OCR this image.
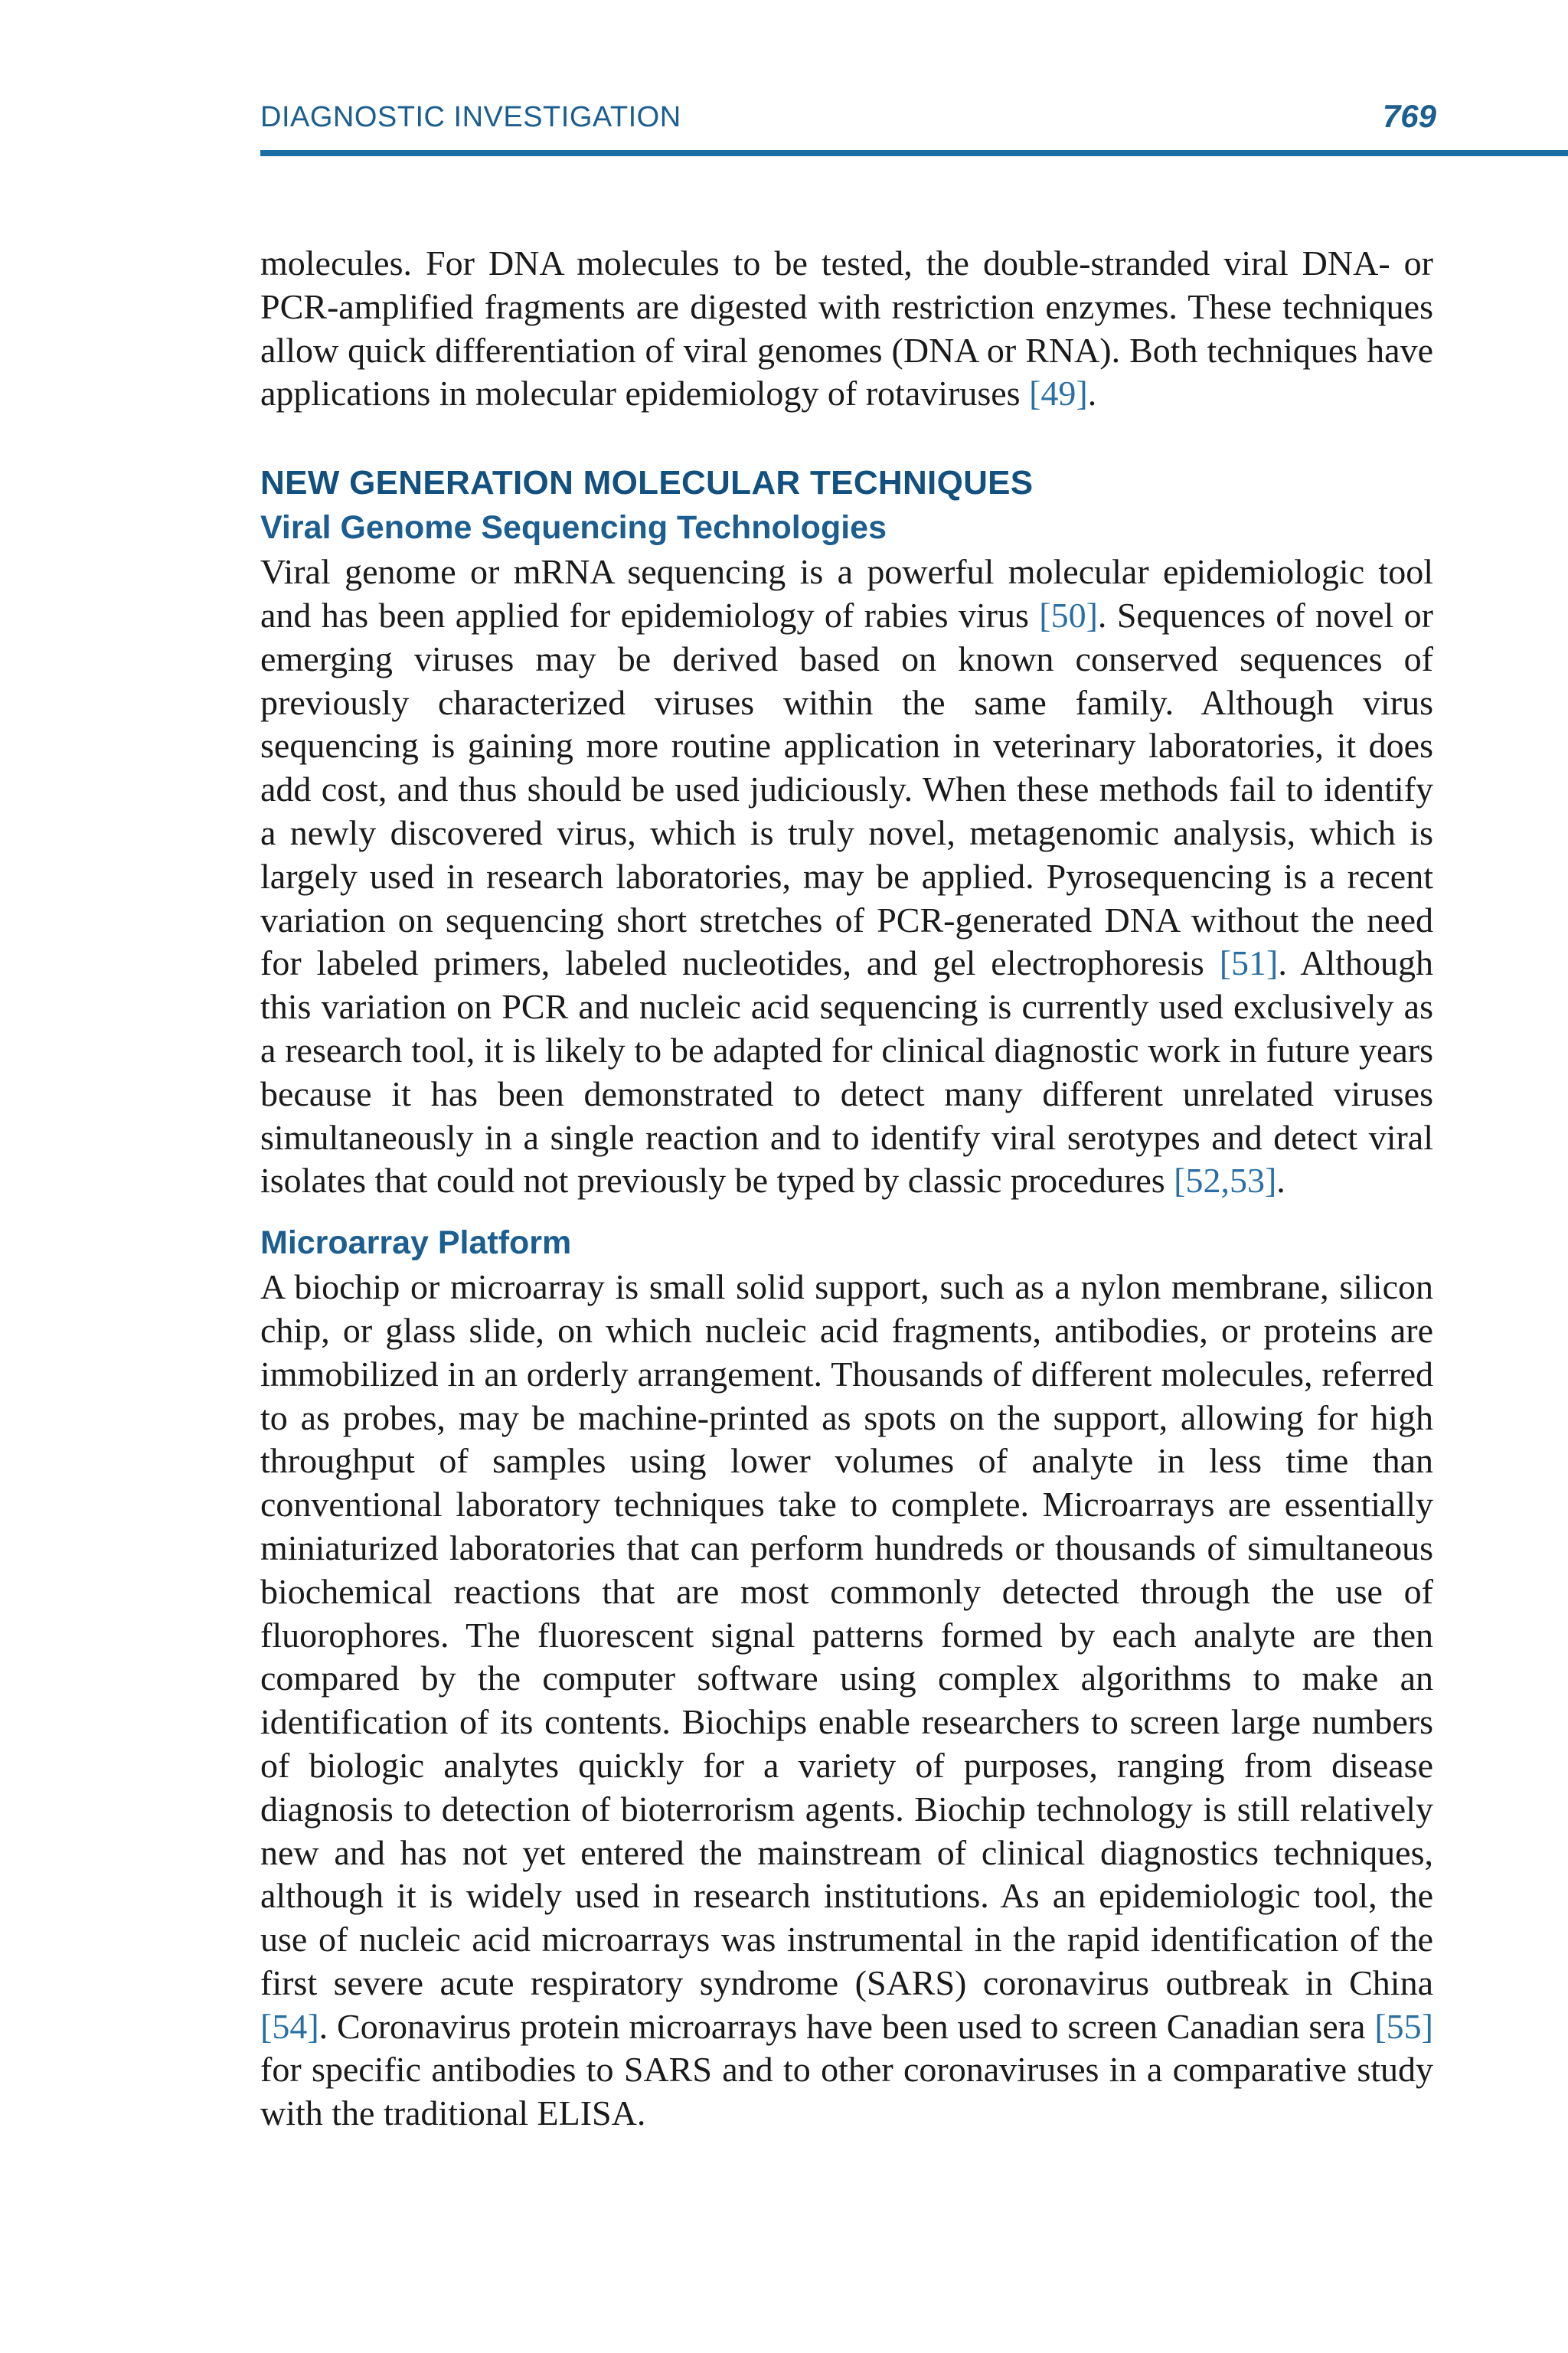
DIAGNOSTIC INVESTIGATION	769

molecules. For DNA molecules to be tested, the double-stranded viral DNA- or PCR-amplified fragments are digested with restriction enzymes. These techniques allow quick differentiation of viral genomes (DNA or RNA). Both techniques have applications in molecular epidemiology of rotaviruses [49].

NEW GENERATION MOLECULAR TECHNIQUES
Viral Genome Sequencing Technologies

Viral genome or mRNA sequencing is a powerful molecular epidemiologic tool and has been applied for epidemiology of rabies virus [50]. Sequences of novel or emerging viruses may be derived based on known conserved sequences of previously characterized viruses within the same family. Although virus sequencing is gaining more routine application in veterinary laboratories, it does add cost, and thus should be used judiciously. When these methods fail to identify a newly discovered virus, which is truly novel, metagenomic analysis, which is largely used in research laboratories, may be applied. Pyrosequencing is a recent variation on sequencing short stretches of PCR-generated DNA without the need for labeled primers, labeled nucleotides, and gel electrophoresis [51]. Although this variation on PCR and nucleic acid sequencing is currently used exclusively as a research tool, it is likely to be adapted for clinical diagnostic work in future years because it has been demonstrated to detect many different unrelated viruses simultaneously in a single reaction and to identify viral serotypes and detect viral isolates that could not previously be typed by classic procedures [52,53].

Microarray Platform

A biochip or microarray is small solid support, such as a nylon membrane, silicon chip, or glass slide, on which nucleic acid fragments, antibodies, or proteins are immobilized in an orderly arrangement. Thousands of different molecules, referred to as probes, may be machine-printed as spots on the support, allowing for high throughput of samples using lower volumes of analyte in less time than conventional laboratory techniques take to complete. Microarrays are essentially miniaturized laboratories that can perform hundreds or thousands of simultaneous biochemical reactions that are most commonly detected through the use of fluorophores. The fluorescent signal patterns formed by each analyte are then compared by the computer software using complex algorithms to make an identification of its contents. Biochips enable researchers to screen large numbers of biologic analytes quickly for a variety of purposes, ranging from disease diagnosis to detection of bioterrorism agents. Biochip technology is still relatively new and has not yet entered the mainstream of clinical diagnostics techniques, although it is widely used in research institutions. As an epidemiologic tool, the use of nucleic acid microarrays was instrumental in the rapid identification of the first severe acute respiratory syndrome (SARS) coronavirus outbreak in China [54]. Coronavirus protein microarrays have been used to screen Canadian sera [55] for specific antibodies to SARS and to other coronaviruses in a comparative study with the traditional ELISA.
